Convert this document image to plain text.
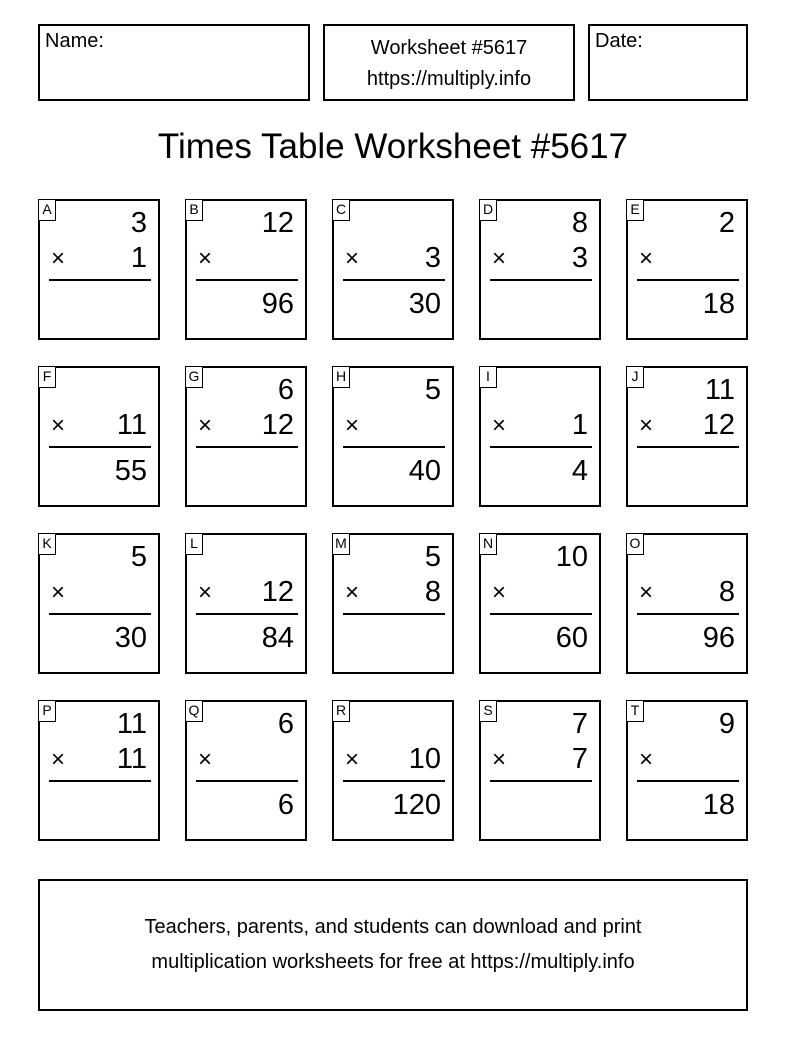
Name:	Worksheet #5617
https://multiply.info
Date:
Times Table Worksheet #5617
A	3
× 1
B 12
×
96
C
× 3
30
D	8
× 3
E	2
×
18
F
× 11
55
G	6
× 12
H	5
×
40
I
× 1
4
J 11
× 12
K	5
×
30
L
× 12
84
M	5
× 8
N 10
×
60
O
× 8
96
P 11
× 11
Q	6
×
6
R
× 10
120
S	7
× 7
T	9
×
18
Teachers, parents, and students can download and print
multiplication worksheets for free at https://multiply.info
